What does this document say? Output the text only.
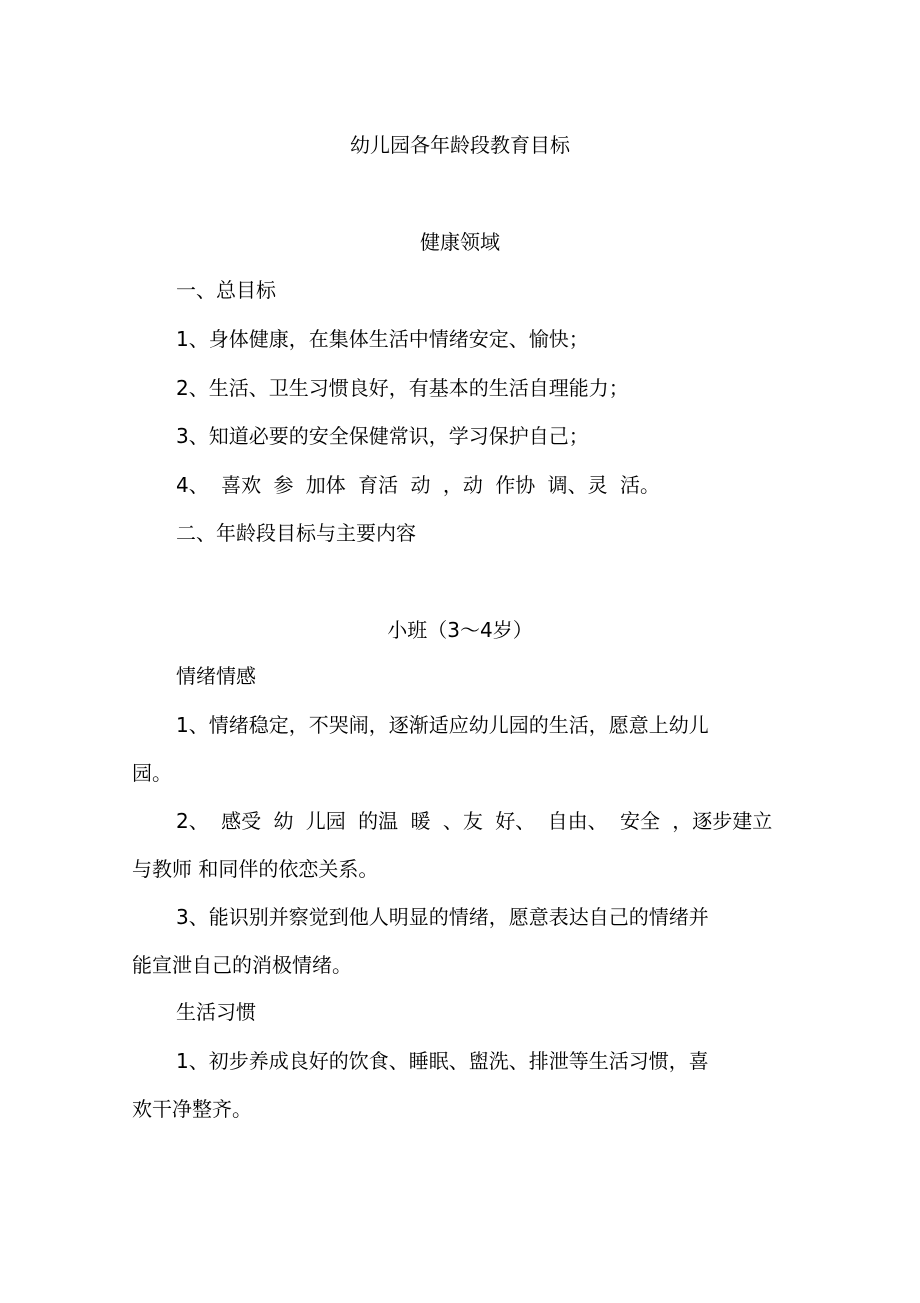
幼儿园各年龄段教育目标

健康领域

一、总目标

1、身体健康，在集体生活中情绪安定、愉快；

2、生活、卫生习惯良好，有基本的生活自理能力；

3、知道必要的安全保健常识，学习保护自己；

4、 喜欢 参 加体 育活 动 ，动 作协 调、灵 活。

二、年龄段目标与主要内容

小班（3～4岁）

情绪情感

1、情绪稳定，不哭闹，逐渐适应幼儿园的生活，愿意上幼儿

园。

2、 感受 幼 儿园 的温 暖 、友 好、 自由、 安全 ，逐步建立

与教师 和同伴的依恋关系。

3、能识别并察觉到他人明显的情绪，愿意表达自己的情绪并

能宣泄自己的消极情绪。

生活习惯

1、初步养成良好的饮食、睡眠、盥洗、排泄等生活习惯，喜

欢干净整齐。
